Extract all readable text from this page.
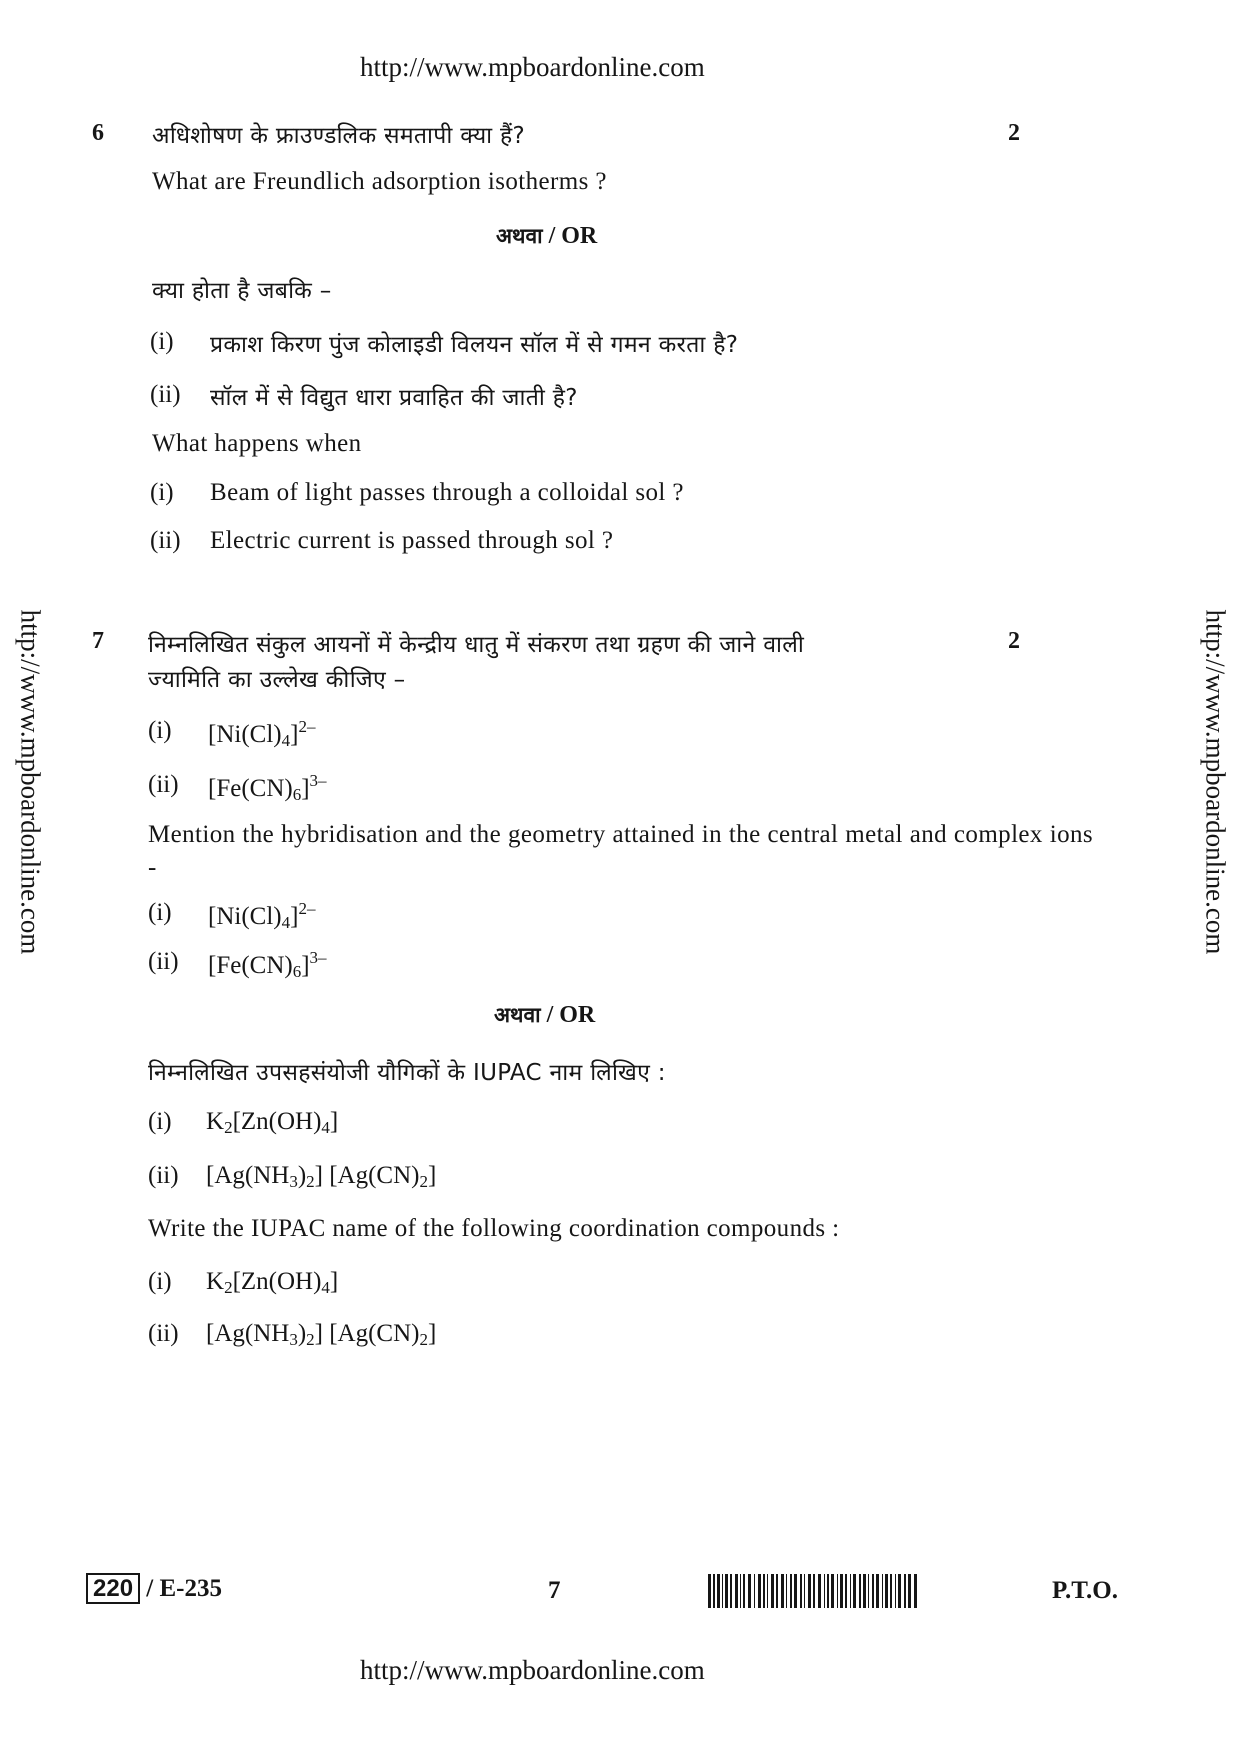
http://www.mpboardonline.com
http://www.mpboardonline.com	http://www.mpboardonline.com
6 अधिशोषण के फ्राउण्डलिक समतापी क्या हैं?	2
What are Freundlich adsorption isotherms ?
अथवा / OR
क्या होता है जबकि –
(i) प्रकाश किरण पुंज कोलाइडी विलयन सॉल में से गमन करता है?
(ii) सॉल में से विद्युत धारा प्रवाहित की जाती है?
What happens when
(i) Beam of light passes through a colloidal sol ?
(ii) Electric current is passed through sol ?
7 निम्नलिखित संकुल आयनों में केन्द्रीय धातु में संकरण तथा ग्रहण की जाने वाली	2
ज्यामिति का उल्लेख कीजिए –
(i) $[Ni(Cl)_4]^{2-}$
(ii) $[Fe(CN)_6]^{3-}$
Mention the hybridisation and the geometry attained in the central metal and complex ions -
(i) $[Ni(Cl)_4]^{2-}$
(ii) $[Fe(CN)_6]^{3-}$
अथवा / OR
निम्नलिखित उपसहसंयोजी यौगिकों के IUPAC नाम लिखिए :
(i) $K_2[Zn(OH)_4]$
(ii) $[Ag(NH_3)_2]$ $[Ag(CN)_2]$
Write the IUPAC name of the following coordination compounds :
(i) $K_2[Zn(OH)_4]$
(ii) $[Ag(NH_3)_2]$ $[Ag(CN)_2]$
220 / E-235	7	P.T.O.
http://www.mpboardonline.com
